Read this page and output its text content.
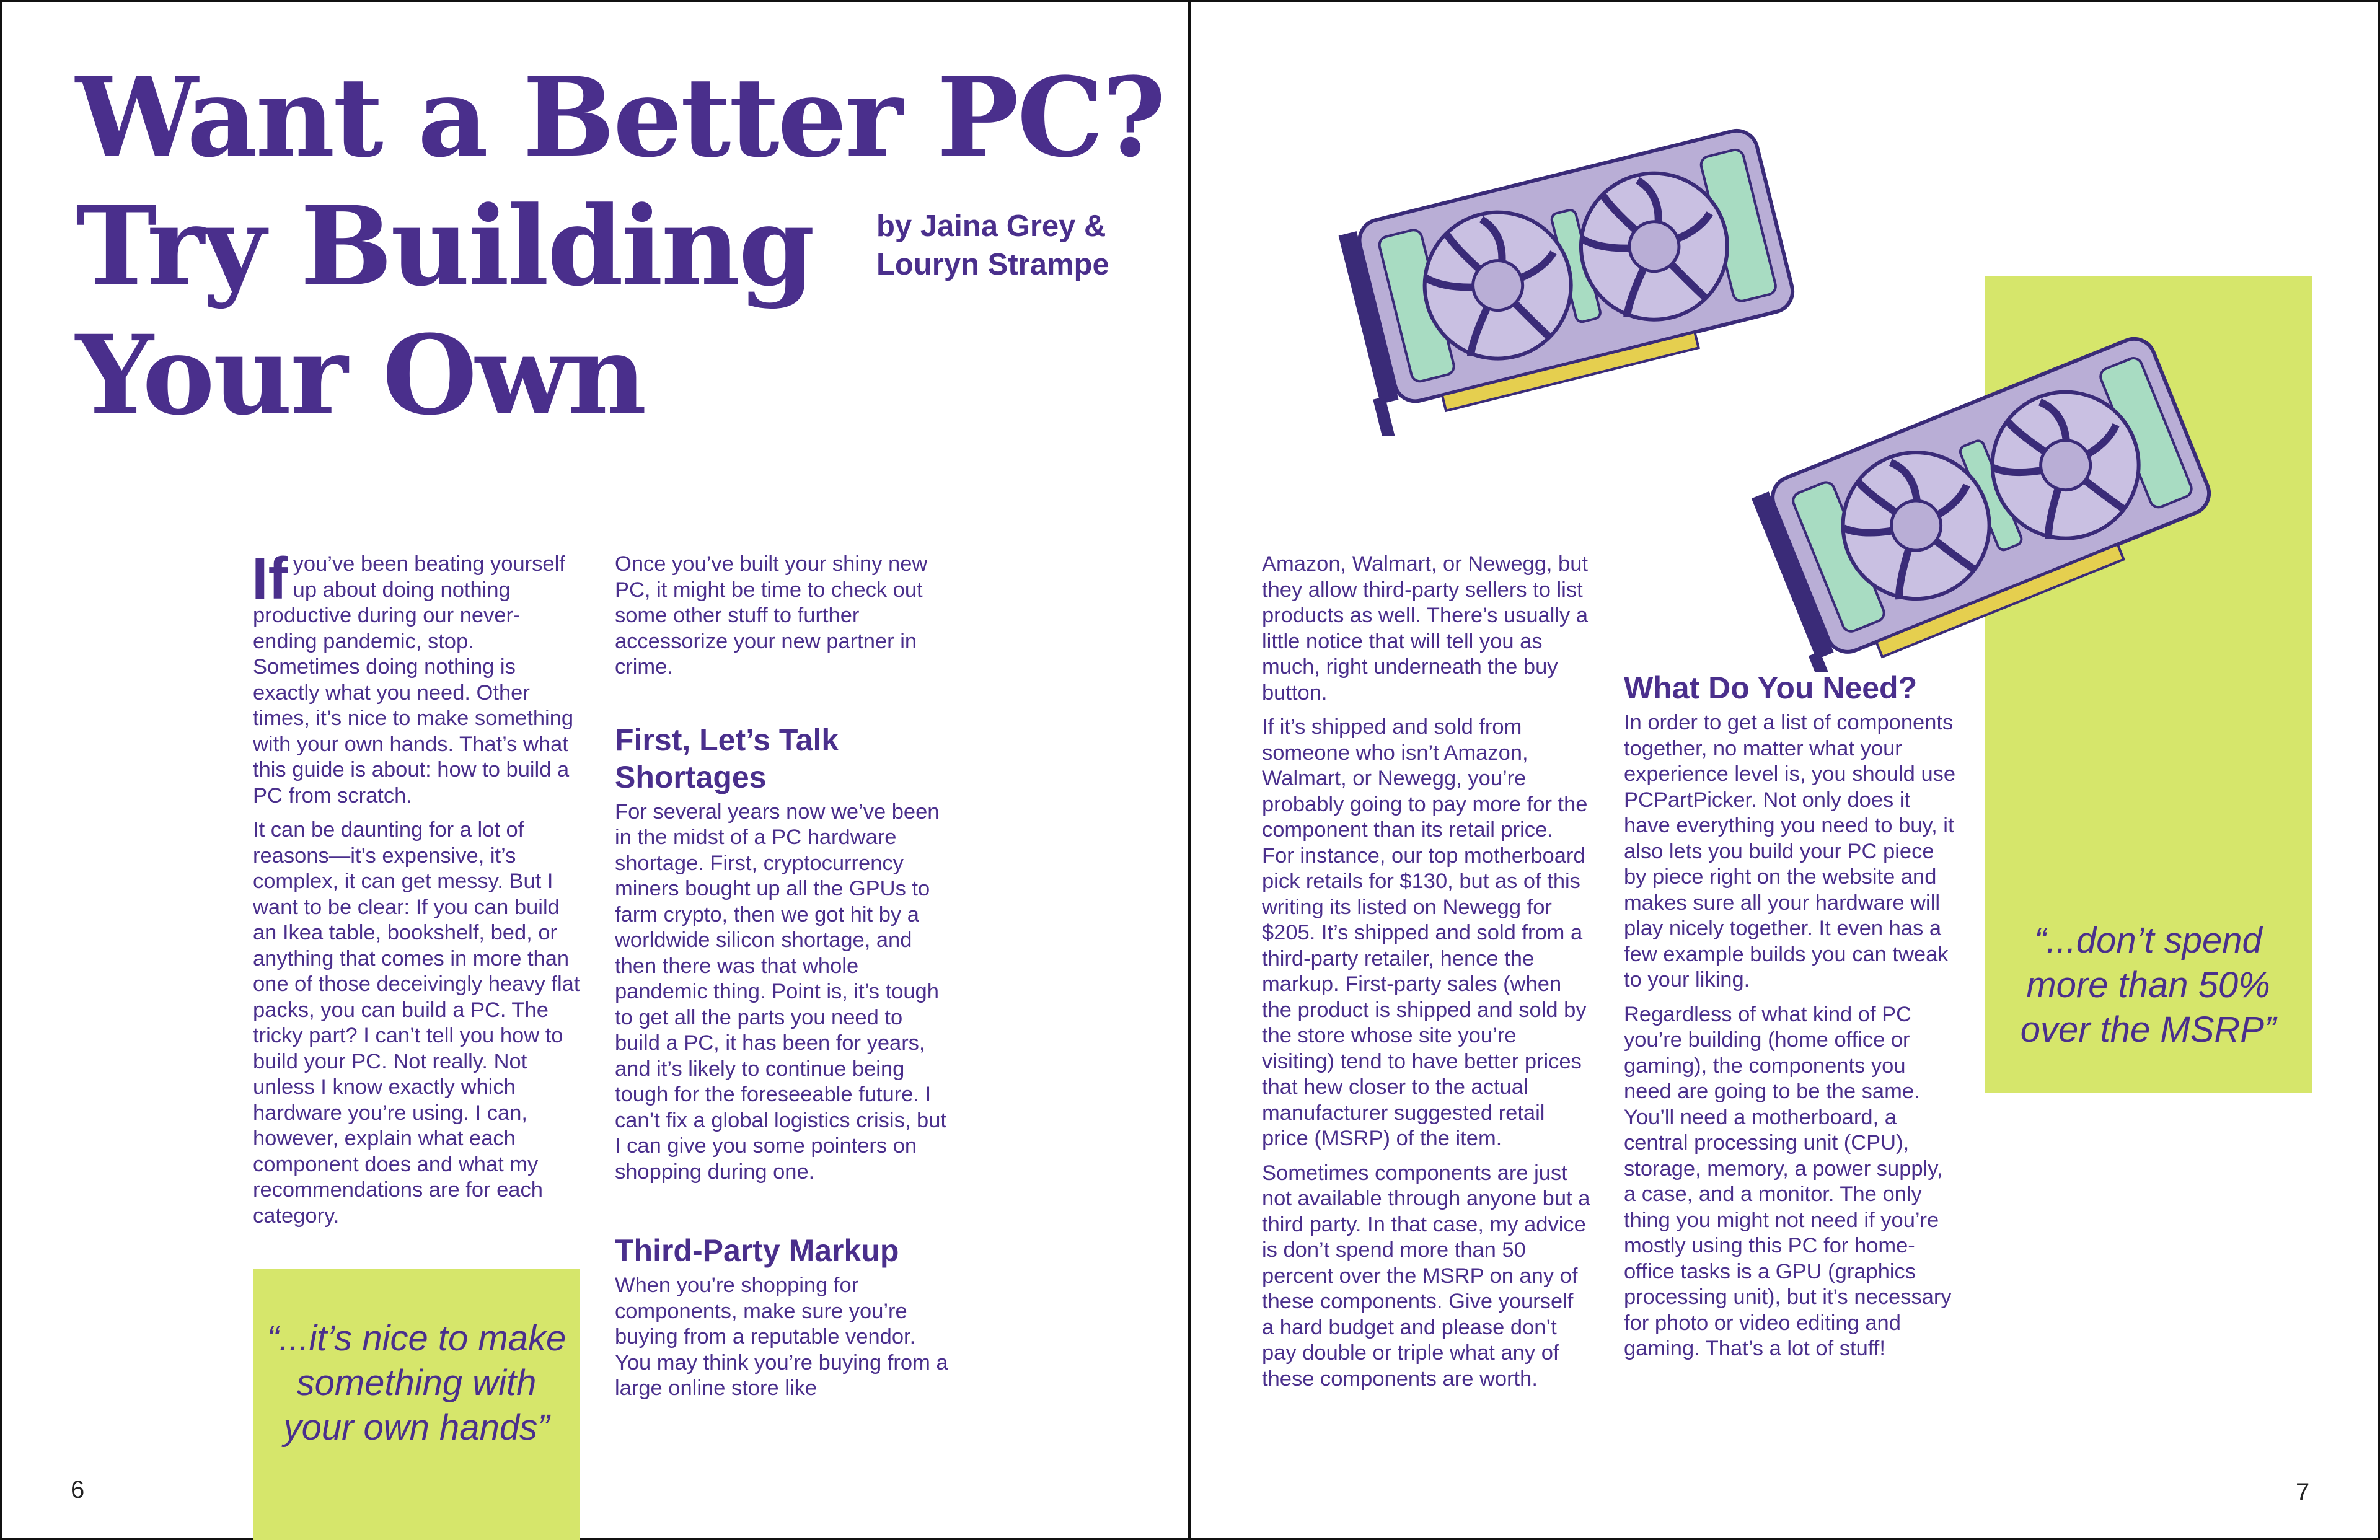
Want a Better PC?
Try Building
Your Own
by Jaina Grey &
Louryn Strampe

If you’ve been beating yourself up about doing nothing productive during our never-ending pandemic, stop. Sometimes doing nothing is exactly what you need. Other times, it’s nice to make something with your own hands. That’s what this guide is about: how to build a PC from scratch.

It can be daunting for a lot of reasons—it’s expensive, it’s complex, it can get messy. But I want to be clear: If you can build an Ikea table, bookshelf, bed, or anything that comes in more than one of those deceivingly heavy flat packs, you can build a PC. The tricky part? I can’t tell you how to build your PC. Not really. Not unless I know exactly which hardware you’re using. I can, however, explain what each component does and what my recommendations are for each category.

Once you’ve built your shiny new PC, it might be time to check out some other stuff to further accessorize your new partner in crime.

First, Let’s Talk Shortages

For several years now we’ve been in the midst of a PC hardware shortage. First, cryptocurrency miners bought up all the GPUs to farm crypto, then we got hit by a worldwide silicon shortage, and then there was that whole pandemic thing. Point is, it’s tough to get all the parts you need to build a PC, it has been for years, and it’s likely to continue being tough for the foreseeable future. I can’t fix a global logistics crisis, but I can give you some pointers on shopping during one.

Third-Party Markup

When you’re shopping for components, make sure you’re buying from a reputable vendor. You may think you’re buying from a large online store like

“...it’s nice to make
something with
your own hands”
6
“...don’t spend
more than 50%
over the MSRP”

Amazon, Walmart, or Newegg, but they allow third-party sellers to list products as well. There’s usually a little notice that will tell you as much, right underneath the buy button.

If it’s shipped and sold from someone who isn’t Amazon, Walmart, or Newegg, you’re probably going to pay more for the component than its retail price. For instance, our top motherboard pick retails for $130, but as of this writing its listed on Newegg for $205. It’s shipped and sold from a third-party retailer, hence the markup. First-party sales (when the product is shipped and sold by the store whose site you’re visiting) tend to have better prices that hew closer to the actual manufacturer suggested retail price (MSRP) of the item.

Sometimes components are just not available through anyone but a third party. In that case, my advice is don’t spend more than 50 percent over the MSRP on any of these components. Give yourself a hard budget and please don’t pay double or triple what any of these components are worth.

What Do You Need?

In order to get a list of components together, no matter what your experience level is, you should use PCPartPicker. Not only does it have everything you need to buy, it also lets you build your PC piece by piece right on the website and makes sure all your hardware will play nicely together. It even has a few example builds you can tweak to your liking.

Regardless of what kind of PC you’re building (home office or gaming), the components you need are going to be the same. You’ll need a motherboard, a central processing unit (CPU), storage, memory, a power supply, a case, and a monitor. The only thing you might not need if you’re mostly using this PC for home-office tasks is a GPU (graphics processing unit), but it’s necessary for photo or video editing and gaming. That’s a lot of stuff!

7
